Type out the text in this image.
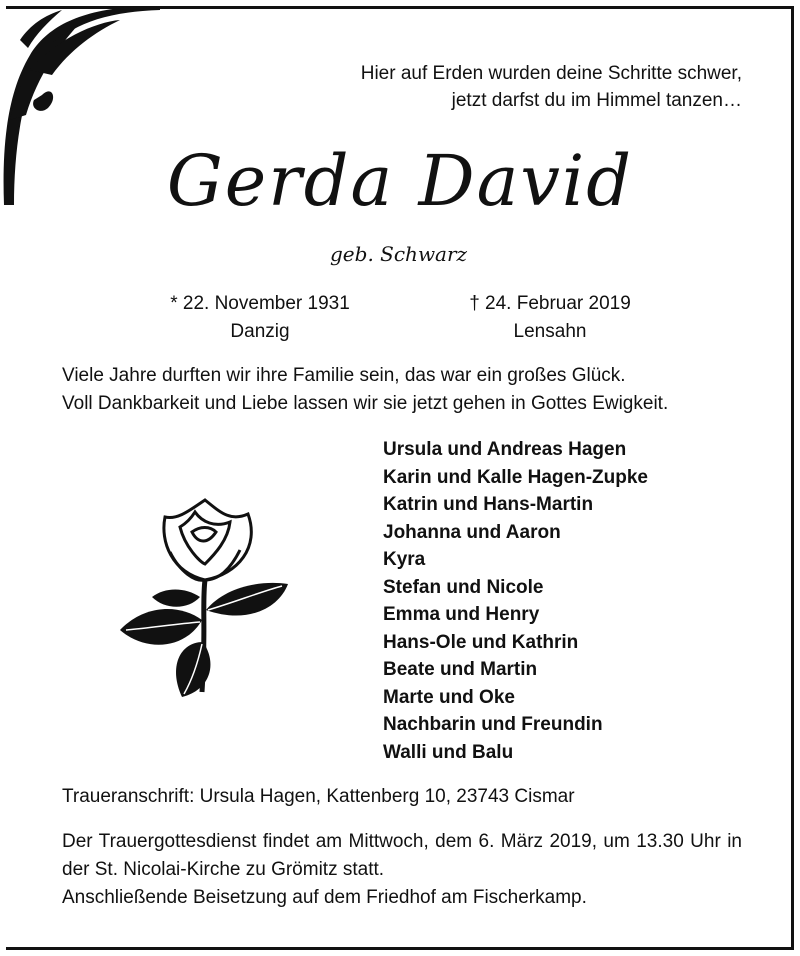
Hier auf Erden wurden deine Schritte schwer,
jetzt darfst du im Himmel tanzen…
Gerda David
geb. Schwarz
* 22. November 1931
Danzig
† 24. Februar 2019
Lensahn
Viele Jahre durften wir ihre Familie sein, das war ein großes Glück.
Voll Dankbarkeit und Liebe lassen wir sie jetzt gehen in Gottes Ewigkeit.
Ursula und Andreas Hagen
Karin und Kalle Hagen-Zupke
Katrin und Hans-Martin
Johanna und Aaron
Kyra
Stefan und Nicole
Emma und Henry
Hans-Ole und Kathrin
Beate und Martin
Marte und Oke
Nachbarin und Freundin
Walli und Balu
Traueranschrift: Ursula Hagen, Kattenberg 10, 23743 Cismar

Der Trauergottesdienst findet am Mittwoch, dem 6. März 2019, um 13.30 Uhr in der St. Nicolai-Kirche zu Grömitz statt.

Anschließende Beisetzung auf dem Friedhof am Fischerkamp.
